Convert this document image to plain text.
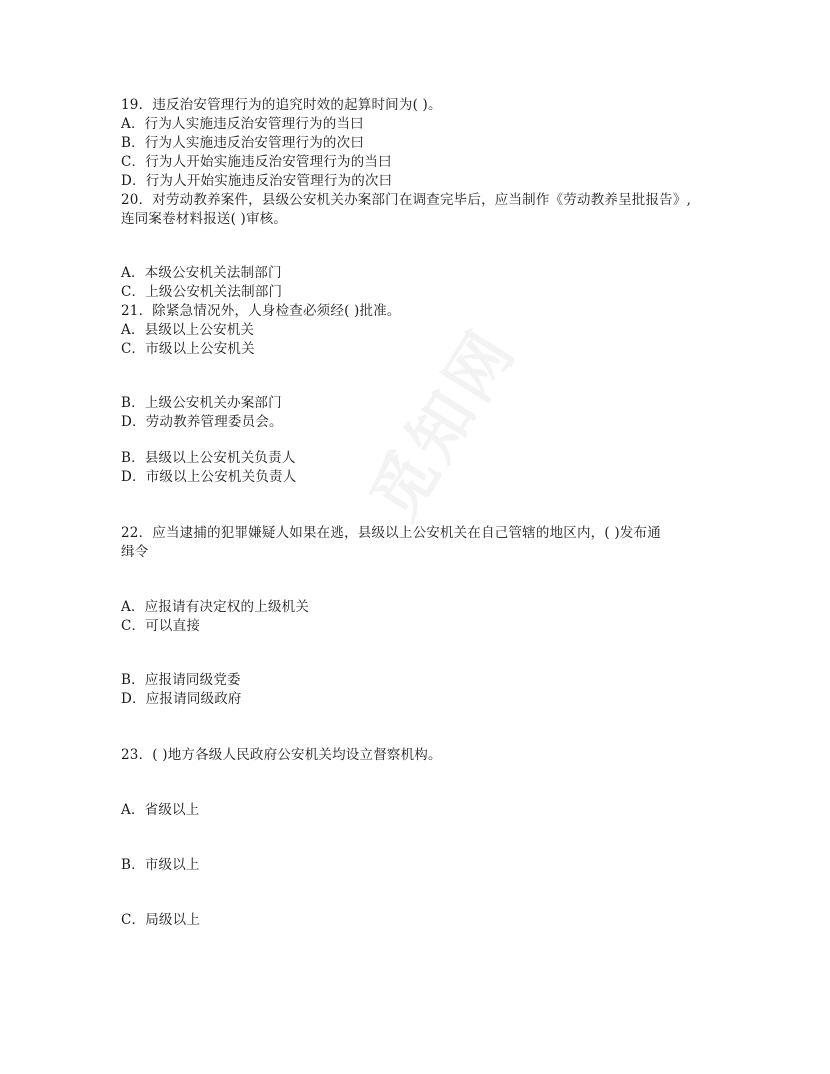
觅知网
19．违反治安管理行为的追究时效的起算时间为( )。
A．行为人实施违反治安管理行为的当曰
B．行为人实施违反治安管理行为的次曰
C．行为人开始实施违反治安管理行为的当曰
D．行为人开始实施违反治安管理行为的次曰
20．对劳动教养案件，县级公安机关办案部门在调查完毕后，应当制作《劳动教养呈批报告》,
连同案卷材料报送( )审核。
A．本级公安机关法制部门
C．上级公安机关法制部门
21．除紧急情况外，人身检查必须经( )批准。
A．县级以上公安机关
C．市级以上公安机关
B．上级公安机关办案部门
D．劳动教养管理委员会。
B．县级以上公安机关负责人
D．市级以上公安机关负责人
22．应当逮捕的犯罪嫌疑人如果在逃，县级以上公安机关在自己管辖的地区内，( )发布通
缉令
A．应报请有决定权的上级机关
C．可以直接
B．应报请同级党委
D．应报请同级政府
23．( )地方各级人民政府公安机关均设立督察机构。
A．省级以上
B．市级以上
C．局级以上
